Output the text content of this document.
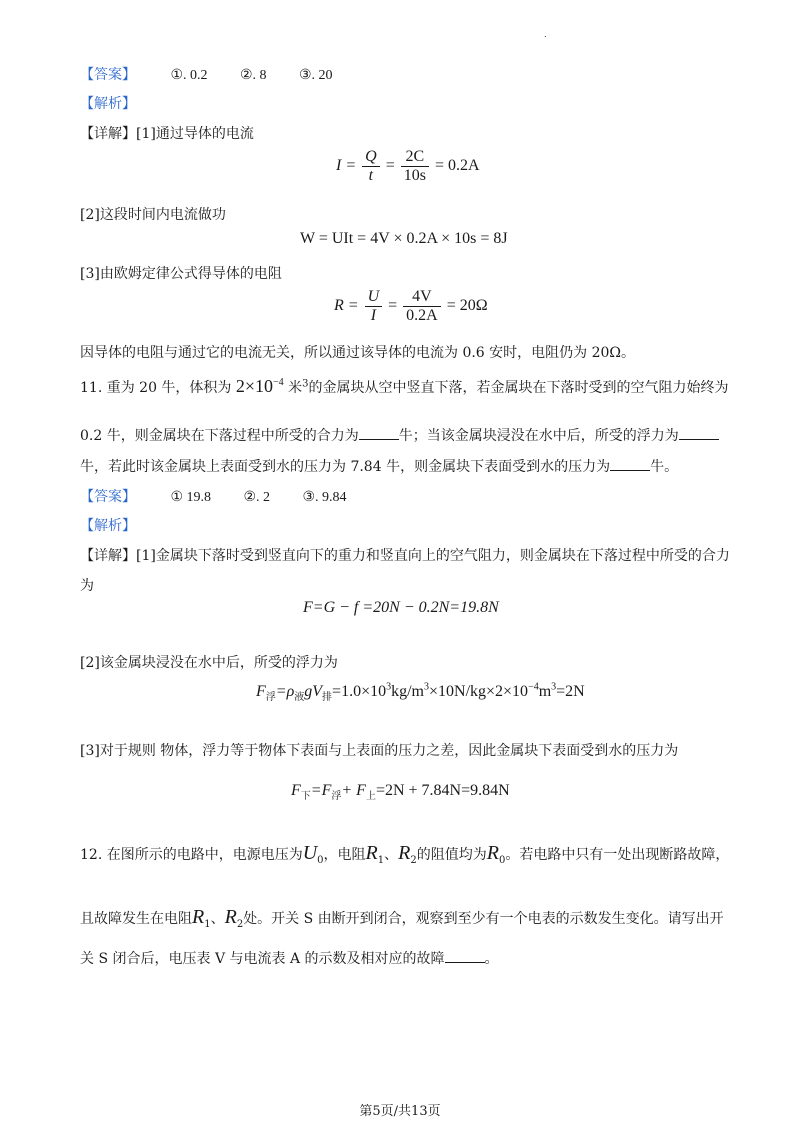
.
【答案】 ①. 0.2 ②. 8 ③. 20
【解析】
【详解】[1]通过导体的电流
$I = \frac{Q}{t} = \frac{2C}{10s} = 0.2A$
[2]这段时间内电流做功
W = UIt = 4V × 0.2A × 10s = 8J
[3]由欧姆定律公式得导体的电阻
$R = \frac{U}{I} = \frac{4V}{0.2A} = 20\Omega$
因导体的电阻与通过它的电流无关，所以通过该导体的电流为 0.6 安时，电阻仍为 20Ω。
11. 重为 20 牛，体积为 $2\times 10^{-4}$ 米$^3$的金属块从空中竖直下落，若金属块在下落时受到的空气阻力始终为
0.2 牛，则金属块在下落过程中所受的合力为	牛；当该金属块浸没在水中后，所受的浮力为
牛，若此时该金属块上表面受到水的压力为 7.84 牛，则金属块下表面受到水的压力为	牛。
【答案】 ① 19.8 ②. 2 ③. 9.84
【解析】
【详解】[1]金属块下落时受到竖直向下的重力和竖直向上的空气阻力，则金属块在下落过程中所受的合力
为
F=G − f =20N − 0.2N=19.8N
[2]该金属块浸没在水中后，所受的浮力为
$F_浮=\rho_液gV_排=1.0\times 10^3kg/m^3\times 10N/kg\times 2\times 10^{-4}m^3=2N$
[3]对于规则 物体，浮力等于物体下表面与上表面的压力之差，因此金属块下表面受到水的压力为
$F_下=F_浮+ F_上=2N + 7.84N=9.84N$
12. 在图所示的电路中，电源电压为$U_0$，电阻$R_1$、$R_2$的阻值均为$R_0$。若电路中只有一处出现断路故障，
且故障发生在电阻$R_1$、$R_2$处。开关 S 由断开到闭合，观察到至少有一个电表的示数发生变化。请写出开
关 S 闭合后，电压表 V 与电流表 A 的示数及相对应的故障	。
第5页/共13页
